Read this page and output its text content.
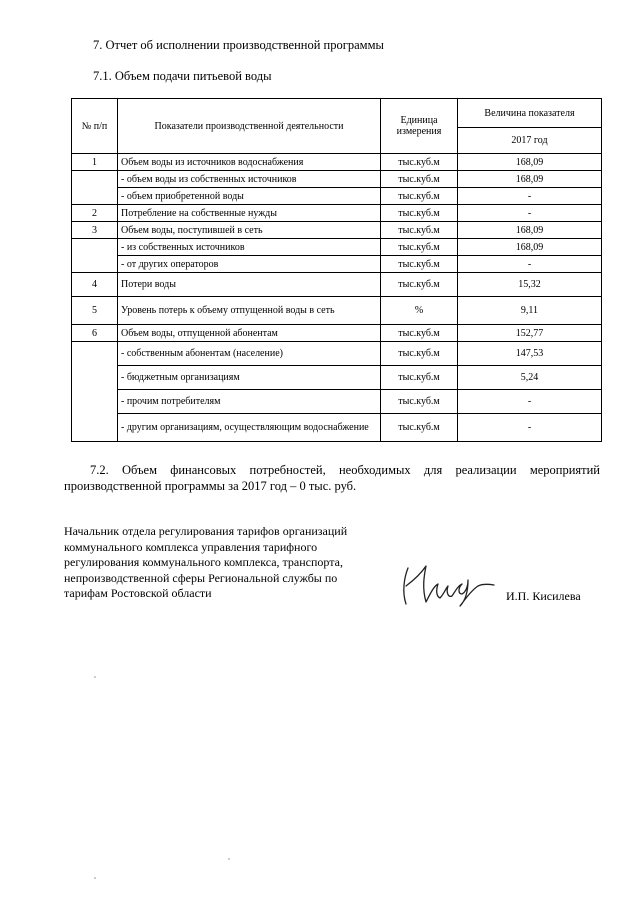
7. Отчет об исполнении производственной программы
7.1. Объем подачи питьевой воды
№ п/п	Показатели производственной деятельности	Единица измерения	Величина показателя
			2017 год
1	Объем воды из источников водоснабжения	тыс.куб.м	168,09
	- объем воды из собственных источников	тыс.куб.м	168,09
	- объем приобретенной воды	тыс.куб.м	-
2	Потребление на собственные нужды	тыс.куб.м	-
3	Объем воды, поступившей в сеть	тыс.куб.м	168,09
	- из собственных источников	тыс.куб.м	168,09
	- от других операторов	тыс.куб.м	-
4	Потери воды	тыс.куб.м	15,32
5	Уровень потерь к объему отпущенной воды в сеть	%	9,11
6	Объем воды, отпущенной абонентам	тыс.куб.м	152,77
	- собственным абонентам (население)	тыс.куб.м	147,53
	- бюджетным организациям	тыс.куб.м	5,24
	- прочим потребителям	тыс.куб.м	-
	- другим организациям, осуществляющим водоснабжение	тыс.куб.м	-

7.2. Объем финансовых потребностей, необходимых для реализации мероприятий производственной программы за 2017 год – 0 тыс. руб.

Начальник отдела регулирования тарифов организаций
коммунального комплекса управления тарифного
регулирования коммунального комплекса, транспорта,
непроизводственной сферы Региональной службы по
тарифам Ростовской области	И.П. Кисилева
